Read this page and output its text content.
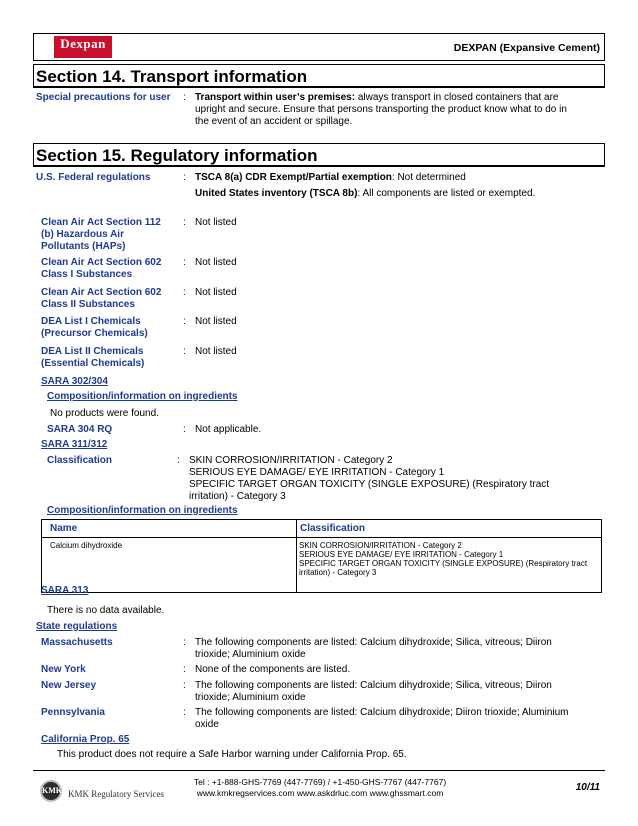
Dexpan	DEXPAN (Expansive Cement)
Section 14. Transport information
Special precautions for user : Transport within user’s premises: always transport in closed containers that are
upright and secure. Ensure that persons transporting the product know what to do in
the event of an accident or spillage.
Section 15. Regulatory information
U.S. Federal regulations	: TSCA 8(a) CDR Exempt/Partial exemption: Not determined
United States inventory (TSCA 8b): All components are listed or exempted.
Clean Air Act Section 112
(b) Hazardous Air
Pollutants (HAPs)
: Not listed
Clean Air Act Section 602
Class I Substances
: Not listed
Clean Air Act Section 602
Class II Substances
: Not listed
DEA List I Chemicals
(Precursor Chemicals)
: Not listed
DEA List II Chemicals
(Essential Chemicals)
: Not listed
SARA 302/304
Composition/information on ingredients
No products were found.
SARA 304 RQ	: Not applicable.
SARA 311/312
Classification	: SKIN CORROSION/IRRITATION - Category 2
SERIOUS EYE DAMAGE/ EYE IRRITATION - Category 1
SPECIFIC TARGET ORGAN TOXICITY (SINGLE EXPOSURE) (Respiratory tract
irritation) - Category 3
Composition/information on ingredients
Name	Classification
Calcium dihydroxide	SKIN CORROSION/IRRITATION - Category 2
SERIOUS EYE DAMAGE/ EYE IRRITATION - Category 1
SPECIFIC TARGET ORGAN TOXICITY (SINGLE EXPOSURE) (Respiratory tract
irritation) - Category 3
SARA 313
There is no data available.
State regulations
Massachusetts	: The following components are listed: Calcium dihydroxide; Silica, vitreous; Diiron
trioxide; Aluminium oxide
New York	: None of the components are listed.
New Jersey	: The following components are listed: Calcium dihydroxide; Silica, vitreous; Diiron
trioxide; Aluminium oxide
Pennsylvania	: The following components are listed: Calcium dihydroxide; Diiron trioxide; Aluminium
oxide
California Prop. 65
This product does not require a Safe Harbor warning under California Prop. 65.
KMK KMK Regulatory Services
Tel : +1-888-GHS-7769 (447-7769) / +1-450-GHS-7767 (447-7767)
www.kmkregservices.com www.askdrluc.com www.ghssmart.com	10/11
